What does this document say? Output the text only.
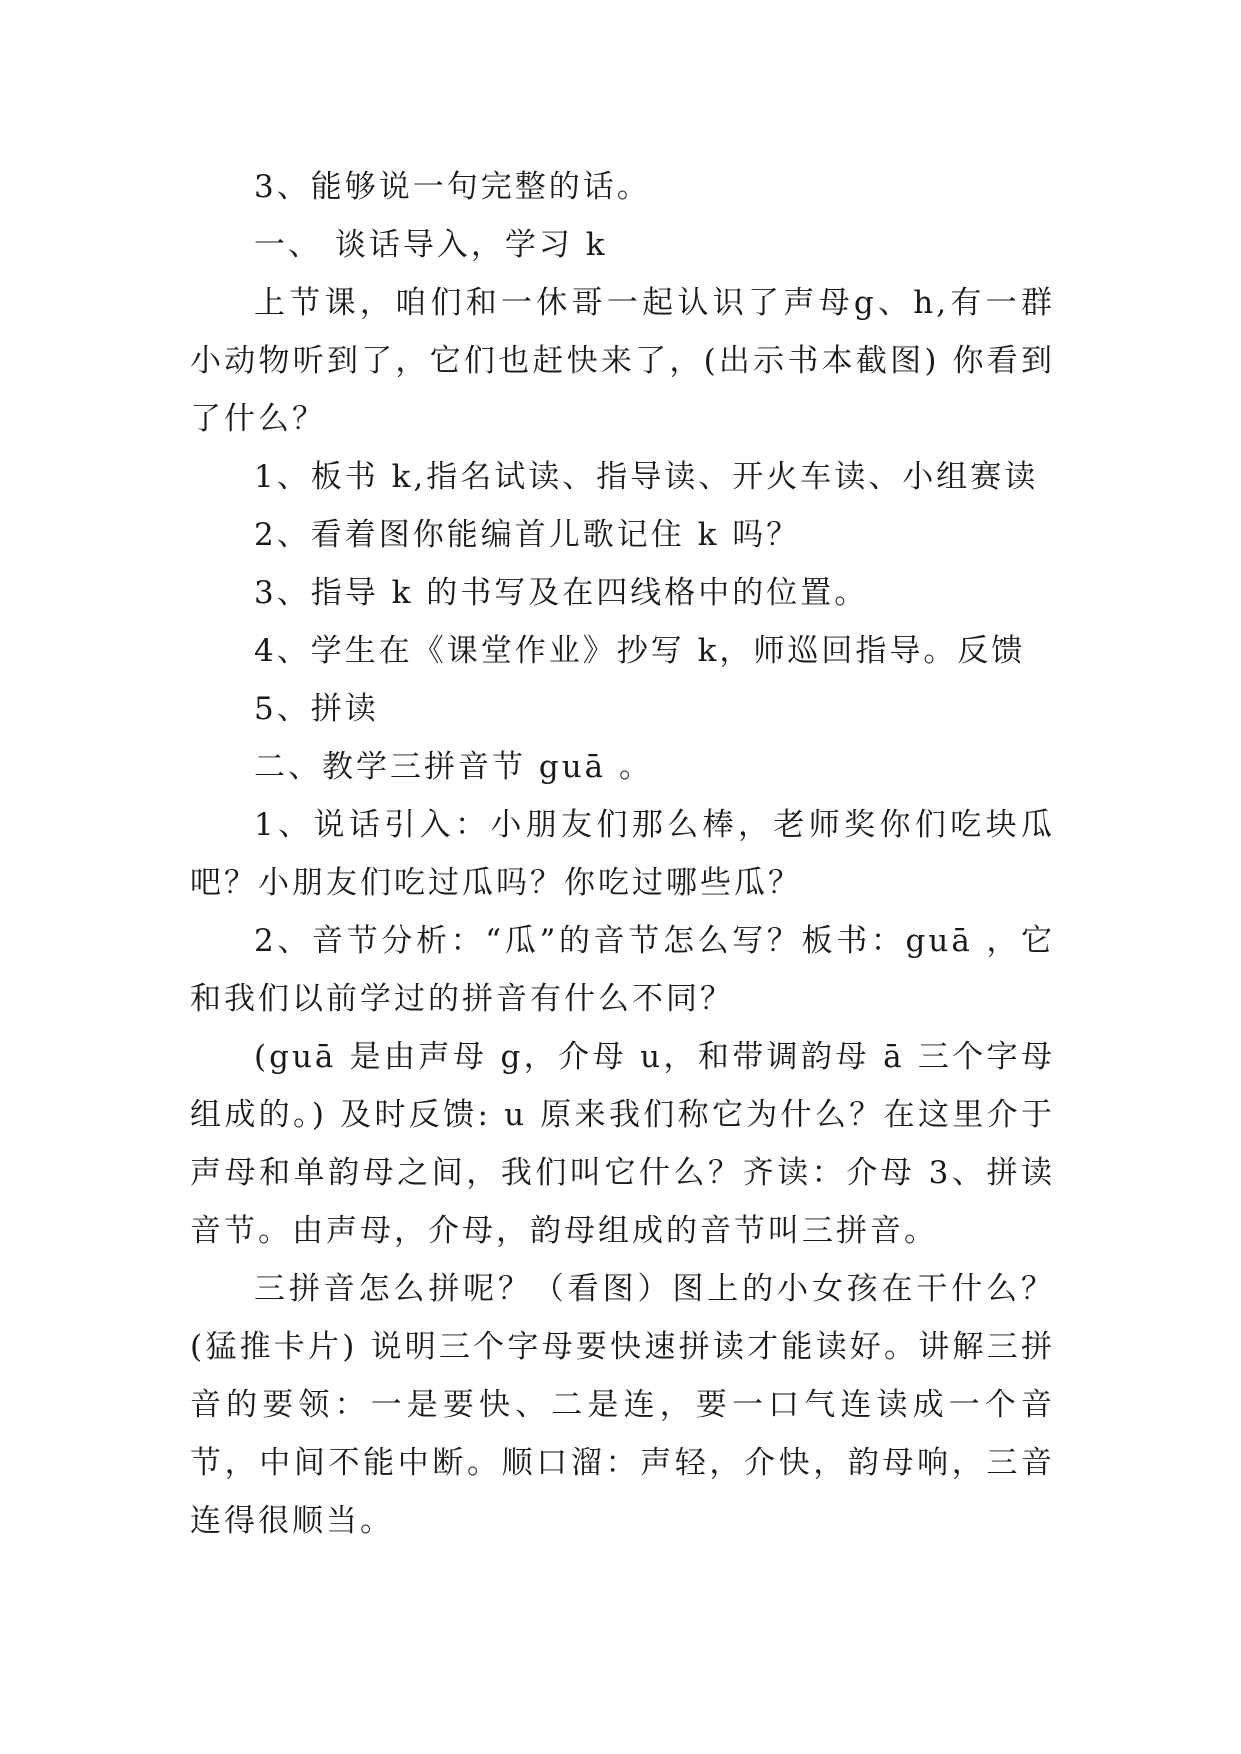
3、能够说一句完整的话。

一、 谈话导入，学习 k

上节课，咱们和一休哥一起认识了声母g、h,有一群小动物听到了，它们也赶快来了，(出示书本截图) 你看到了什么？

1、板书 k,指名试读、指导读、开火车读、小组赛读

2、看着图你能编首儿歌记住 k 吗？

3、指导 k 的书写及在四线格中的位置。

4、学生在《课堂作业》抄写 k，师巡回指导。反馈

5、拼读

二、教学三拼音节 guā 。

1、说话引入：小朋友们那么棒，老师奖你们吃块瓜吧？小朋友们吃过瓜吗？你吃过哪些瓜？

2、音节分析：“瓜”的音节怎么写？板书：guā ，它和我们以前学过的拼音有什么不同？

(guā 是由声母 g，介母 u，和带调韵母 ā 三个字母组成的。) 及时反馈: u 原来我们称它为什么？在这里介于声母和单韵母之间，我们叫它什么？齐读：介母 3、拼读音节。由声母，介母，韵母组成的音节叫三拼音。

三拼音怎么拼呢？（看图）图上的小女孩在干什么？(猛推卡片) 说明三个字母要快速拼读才能读好。讲解三拼音的要领：一是要快、二是连，要一口气连读成一个音节，中间不能中断。顺口溜：声轻，介快，韵母响，三音连得很顺当。
